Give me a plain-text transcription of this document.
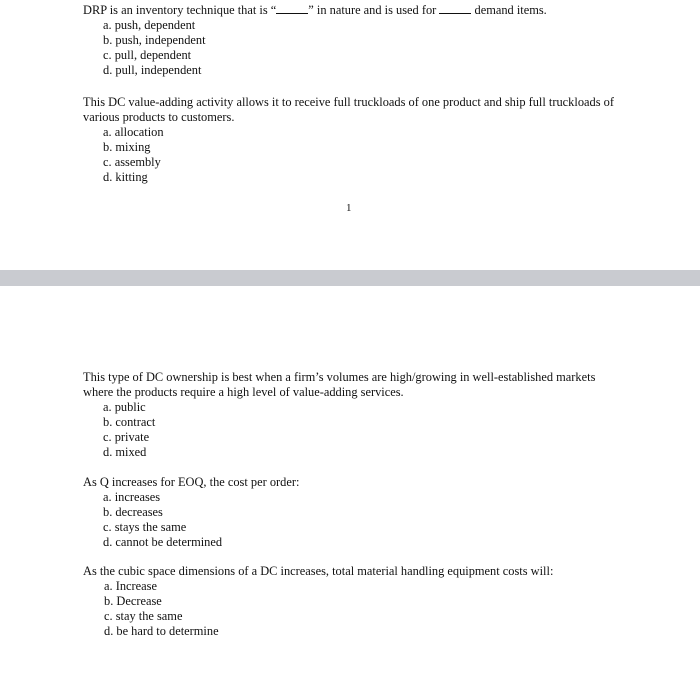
DRP is an inventory technique that is “	” in nature and is used for	demand items.

a. push, dependent
b. push, independent
c. pull, dependent
d. pull, independent

This DC value-adding activity allows it to receive full truckloads of one product and ship full truckloads of various products to customers.

a. allocation
b. mixing
c. assembly
d. kitting
1

This type of DC ownership is best when a firm’s volumes are high/growing in well-established markets where the products require a high level of value-adding services.

a. public
b. contract
c. private
d. mixed

As Q increases for EOQ, the cost per order:

a. increases
b. decreases
c. stays the same
d. cannot be determined

As the cubic space dimensions of a DC increases, total material handling equipment costs will:

a. Increase
b. Decrease
c. stay the same
d. be hard to determine
